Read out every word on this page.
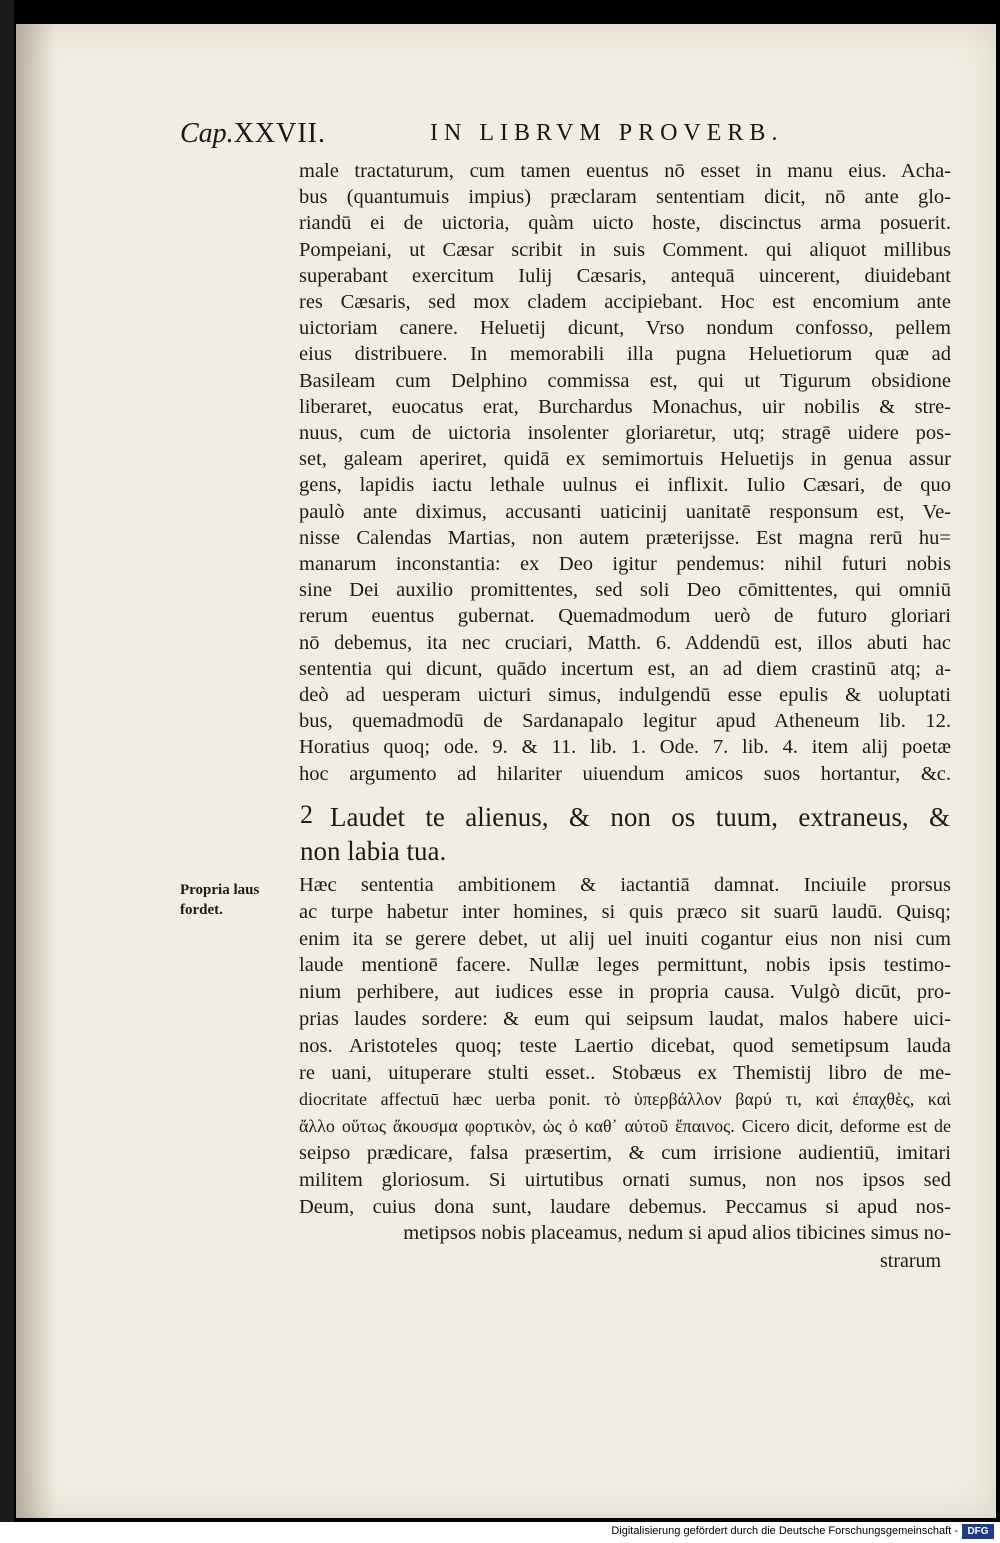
Cap.XXVII.	IN LIBRVM PROVERB.
male tractaturum, cum tamen euentus nō esset in manu eius. Acha-
bus (quantumuis impius) præclaram sententiam dicit, nō ante glo-
riandū ei de uictoria, quàm uicto hoste, discinctus arma posuerit.
Pompeiani, ut Cæsar scribit in suis Comment. qui aliquot millibus
superabant exercitum Iulij Cæsaris, antequā uincerent, diuidebant
res Cæsaris, sed mox cladem accipiebant. Hoc est encomium ante
uictoriam canere. Heluetij dicunt, Vrso nondum confosso, pellem
eius distribuere. In memorabili illa pugna Heluetiorum quæ ad
Basileam cum Delphino commissa est, qui ut Tigurum obsidione
liberaret, euocatus erat, Burchardus Monachus, uir nobilis & stre-
nuus, cum de uictoria insolenter gloriaretur, utq; stragē uidere pos-
set, galeam aperiret, quidā ex semimortuis Heluetijs in genua assur
gens, lapidis iactu lethale uulnus ei inflixit. Iulio Cæsari, de quo
paulò ante diximus, accusanti uaticinij uanitatē responsum est, Ve-
nisse Calendas Martias, non autem præterijsse. Est magna rerū hu=
manarum inconstantia: ex Deo igitur pendemus: nihil futuri nobis
sine Dei auxilio promittentes, sed soli Deo cōmittentes, qui omniū
rerum euentus gubernat. Quemadmodum uerò de futuro gloriari
nō debemus, ita nec cruciari, Matth. 6. Addendū est, illos abuti hac
sententia qui dicunt, quādo incertum est, an ad diem crastinū atq; a-
deò ad uesperam uicturi simus, indulgendū esse epulis & uoluptati
bus, quemadmodū de Sardanapalo legitur apud Atheneum lib. 12.
Horatius quoq; ode. 9. & 11. lib. 1. Ode. 7. lib. 4. item alij poetæ
hoc argumento ad hilariter uiuendum amicos suos hortantur, &c.
2 Laudet te alienus, & non os tuum, extraneus, &
non labia tua.
Propria laus
fordet.
Hæc sententia ambitionem & iactantiā damnat. Inciuile prorsus
ac turpe habetur inter homines, si quis præco sit suarū laudū. Quisq;
enim ita se gerere debet, ut alij uel inuiti cogantur eius non nisi cum
laude mentionē facere. Nullæ leges permittunt, nobis ipsis testimo-
nium perhibere, aut iudices esse in propria causa. Vulgò dicūt, pro-
prias laudes sordere: & eum qui seipsum laudat, malos habere uici-
nos. Aristoteles quoq; teste Laertio dicebat, quod semetipsum lauda
re uani, uituperare stulti esset.. Stobæus ex Themistij libro de me-
diocritate affectuū hæc uerba ponit. τὸ ὑπερβάλλον βαρύ τι, καὶ ἐπαχθὲς, καὶ
ἄλλο οὕτως ἄκουσμα φορτικὸν, ὡς ὁ καθ᾽ αὑτοῦ ἔπαινος. Cicero dicit, deforme est de
seipso prædicare, falsa præsertim, & cum irrisione audientiū, imitari
militem gloriosum. Si uirtutibus ornati sumus, non nos ipsos sed
Deum, cuius dona sunt, laudare debemus. Peccamus si apud nos-
metipsos nobis placeamus, nedum si apud alios tibicines simus no-
strarum
Digitalisierung gefördert durch die Deutsche Forschungsgemeinschaft - DFG
